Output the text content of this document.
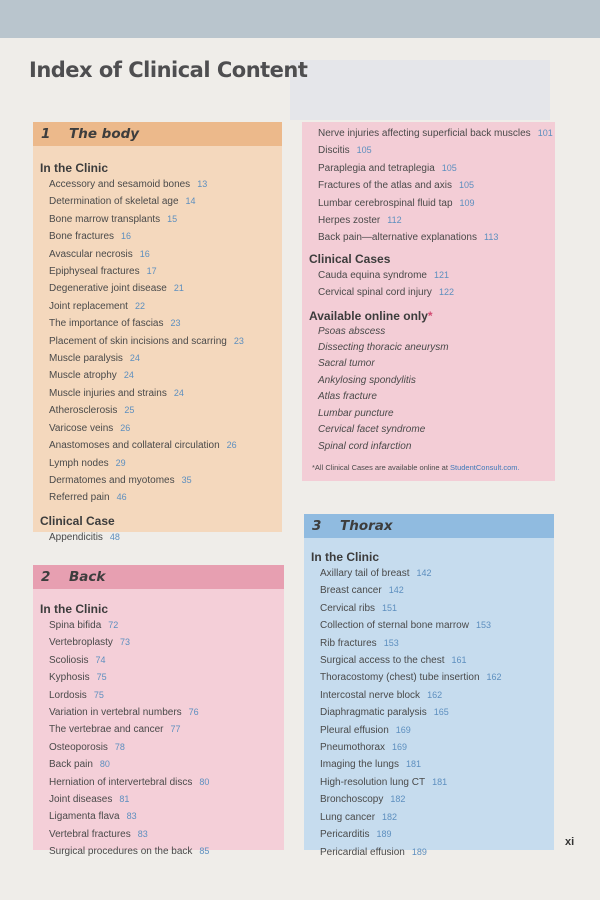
Index of Clinical Content
1	The body
In the Clinic
Accessory and sesamoid bones 13
Determination of skeletal age 14
Bone marrow transplants 15
Bone fractures 16
Avascular necrosis 16
Epiphyseal fractures 17
Degenerative joint disease 21
Joint replacement 22
The importance of fascias 23
Placement of skin incisions and scarring 23
Muscle paralysis 24
Muscle atrophy 24
Muscle injuries and strains 24
Atherosclerosis 25
Varicose veins 26
Anastomoses and collateral circulation 26
Lymph nodes 29
Dermatomes and myotomes 35
Referred pain 46
Clinical Case
Appendicitis 48
2	Back
In the Clinic
Spina bifida 72
Vertebroplasty 73
Scoliosis 74
Kyphosis 75
Lordosis 75
Variation in vertebral numbers 76
The vertebrae and cancer 77
Osteoporosis 78
Back pain 80
Herniation of intervertebral discs 80
Joint diseases 81
Ligamenta flava 83
Vertebral fractures 83
Surgical procedures on the back 85
Nerve injuries affecting superficial back muscles 101
Discitis 105
Paraplegia and tetraplegia 105
Fractures of the atlas and axis 105
Lumbar cerebrospinal fluid tap 109
Herpes zoster 112
Back pain—alternative explanations 113
Clinical Cases
Cauda equina syndrome 121
Cervical spinal cord injury 122
Available online only*
Psoas abscess
Dissecting thoracic aneurysm
Sacral tumor
Ankylosing spondylitis
Atlas fracture
Lumbar puncture
Cervical facet syndrome
Spinal cord infarction
*All Clinical Cases are available online at StudentConsult.com.
3	Thorax
In the Clinic
Axillary tail of breast 142
Breast cancer 142
Cervical ribs 151
Collection of sternal bone marrow 153
Rib fractures 153
Surgical access to the chest 161
Thoracostomy (chest) tube insertion 162
Intercostal nerve block 162
Diaphragmatic paralysis 165
Pleural effusion 169
Pneumothorax 169
Imaging the lungs 181
High-resolution lung CT 181
Bronchoscopy 182
Lung cancer 182
Pericarditis 189
Pericardial effusion 189
xi
